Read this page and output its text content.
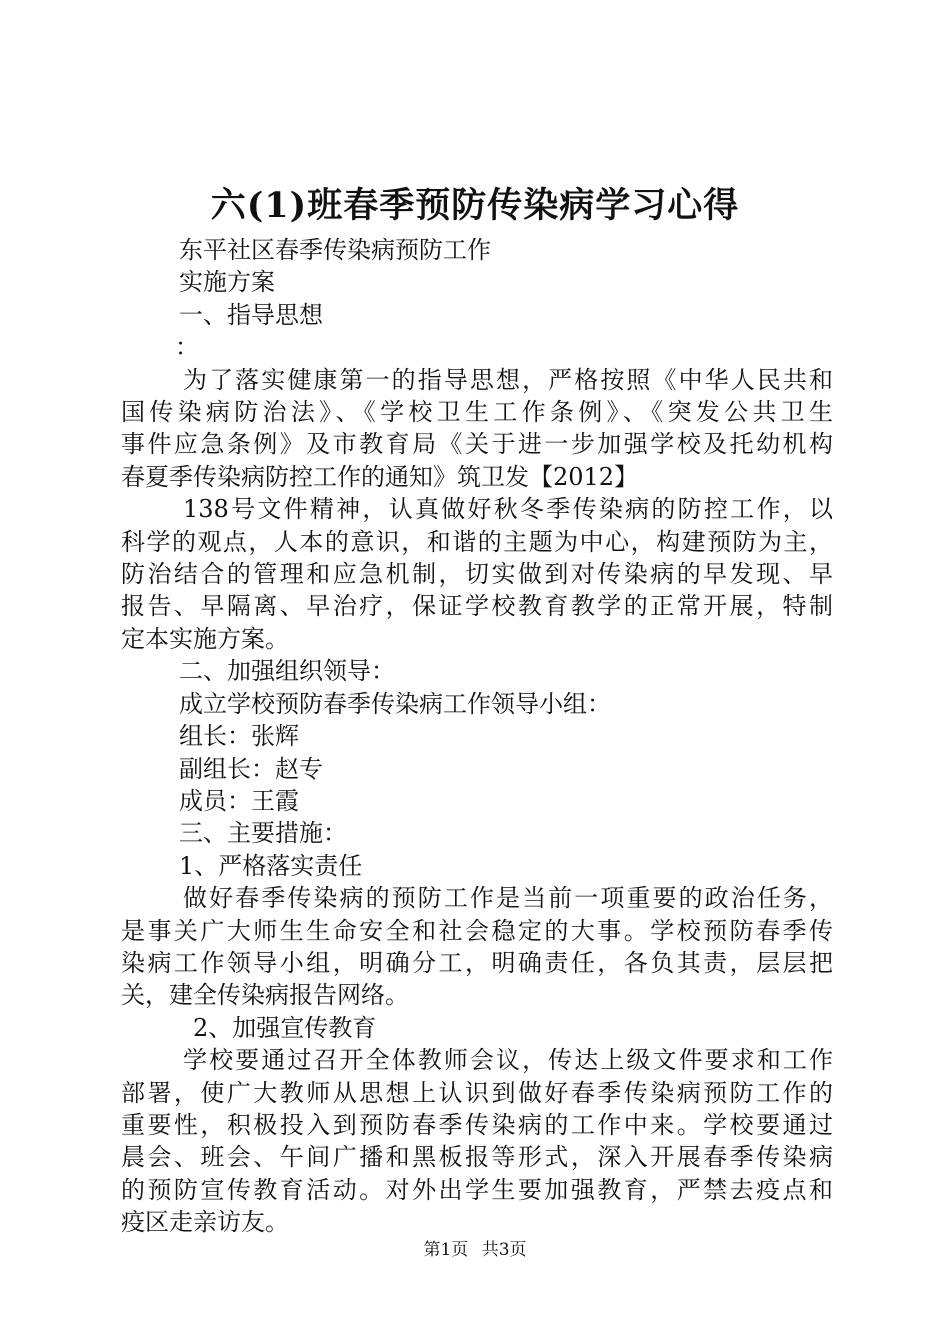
六(1)班春季预防传染病学习心得

东平社区春季传染病预防工作

实施方案

一、指导思想

：

为了落实健康第一的指导思想，严格按照《中华人民共和

国传染病防治法》、《学校卫生工作条例》、《突发公共卫生

事件应急条例》及市教育局《关于进一步加强学校及托幼机构

春夏季传染病防控工作的通知》筑卫发【2012】

138号文件精神，认真做好秋冬季传染病的防控工作，以

科学的观点，人本的意识，和谐的主题为中心，构建预防为主，

防治结合的管理和应急机制，切实做到对传染病的早发现、早

报告、早隔离、早治疗，保证学校教育教学的正常开展，特制

定本实施方案。

二、加强组织领导：

成立学校预防春季传染病工作领导小组：

组长：张辉

副组长：赵专

成员：王霞

三、主要措施：

1、严格落实责任

做好春季传染病的预防工作是当前一项重要的政治任务，

是事关广大师生生命安全和社会稳定的大事。学校预防春季传

染病工作领导小组，明确分工，明确责任，各负其责，层层把

关，建全传染病报告网络。

2、加强宣传教育

学校要通过召开全体教师会议，传达上级文件要求和工作

部署，使广大教师从思想上认识到做好春季传染病预防工作的

重要性，积极投入到预防春季传染病的工作中来。学校要通过

晨会、班会、午间广播和黑板报等形式，深入开展春季传染病

的预防宣传教育活动。对外出学生要加强教育，严禁去疫点和

疫区走亲访友。

第1页 共3页
